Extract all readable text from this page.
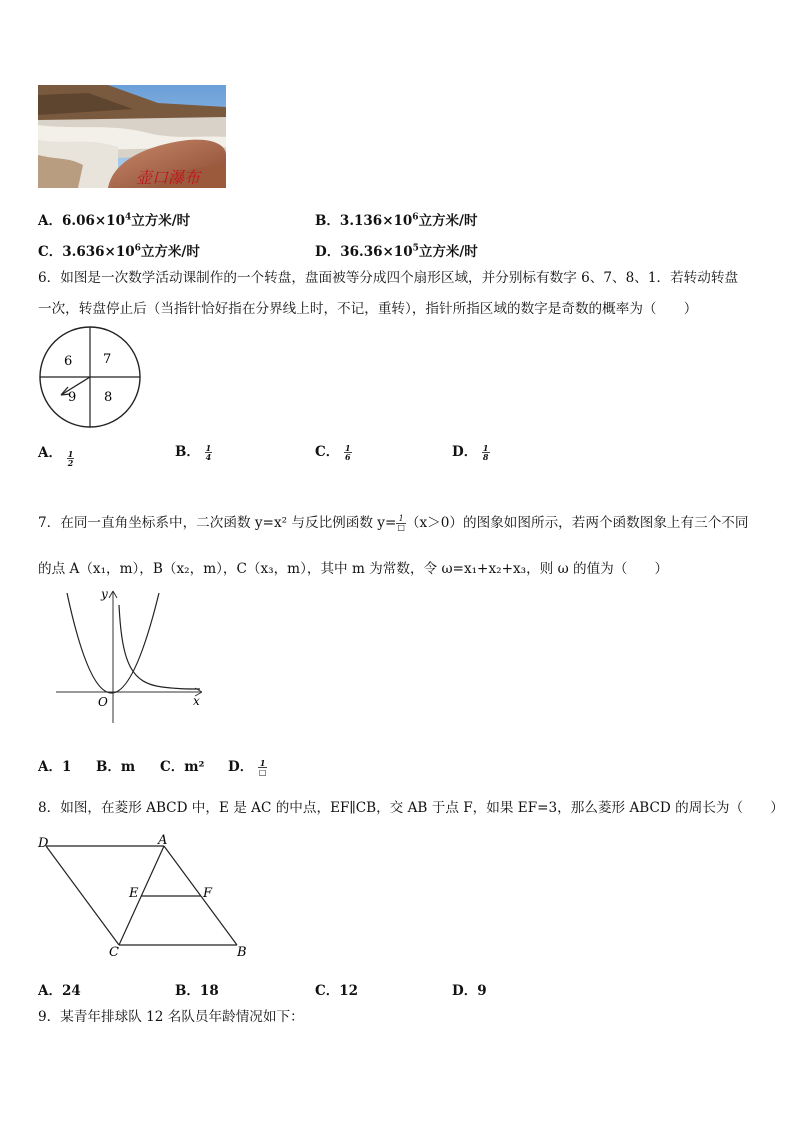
壶口瀑布
A．$6.06\times 10^4$立方米/时	B．$3.136\times 10^6$立方米/时
C．$3.636\times 10^6$立方米/时	D．$36.36\times 10^5$立方米/时
6．如图是一次数学活动课制作的一个转盘，盘面被等分成四个扇形区域，并分别标有数字 6、7、8、1．若转动转盘
一次，转盘停止后（当指针恰好指在分界线上时，不记，重转），指针所指区域的数字是奇数的概率为（　　）
6 7
9 8
A． $\frac{1}{2}$	B． $\frac{1}{4}$	C． $\frac{1}{6}$	D． $\frac{1}{8}$
7．在同一直角坐标系中，二次函数 y=x² 与反比例函数 $y= \frac{1}{□} (x>0)$的图象如图所示，若两个函数图象上有三个不同
的点 A（x₁，m），B（x₂，m），C（x₃，m），其中 m 为常数，令 ω=x₁+x₂+x₃，则 ω 的值为（　　）
y
x
O
A．1 B．m C．m² D． $\frac{1}{□}$
8．如图，在菱形 ABCD 中，E 是 AC 的中点，EF∥CB，交 AB 于点 F，如果 EF=3，那么菱形 ABCD 的周长为（　　）
D	A
E	F
C	B
A．24	B．18	C．12	D．9
9．某青年排球队 12 名队员年龄情况如下：
